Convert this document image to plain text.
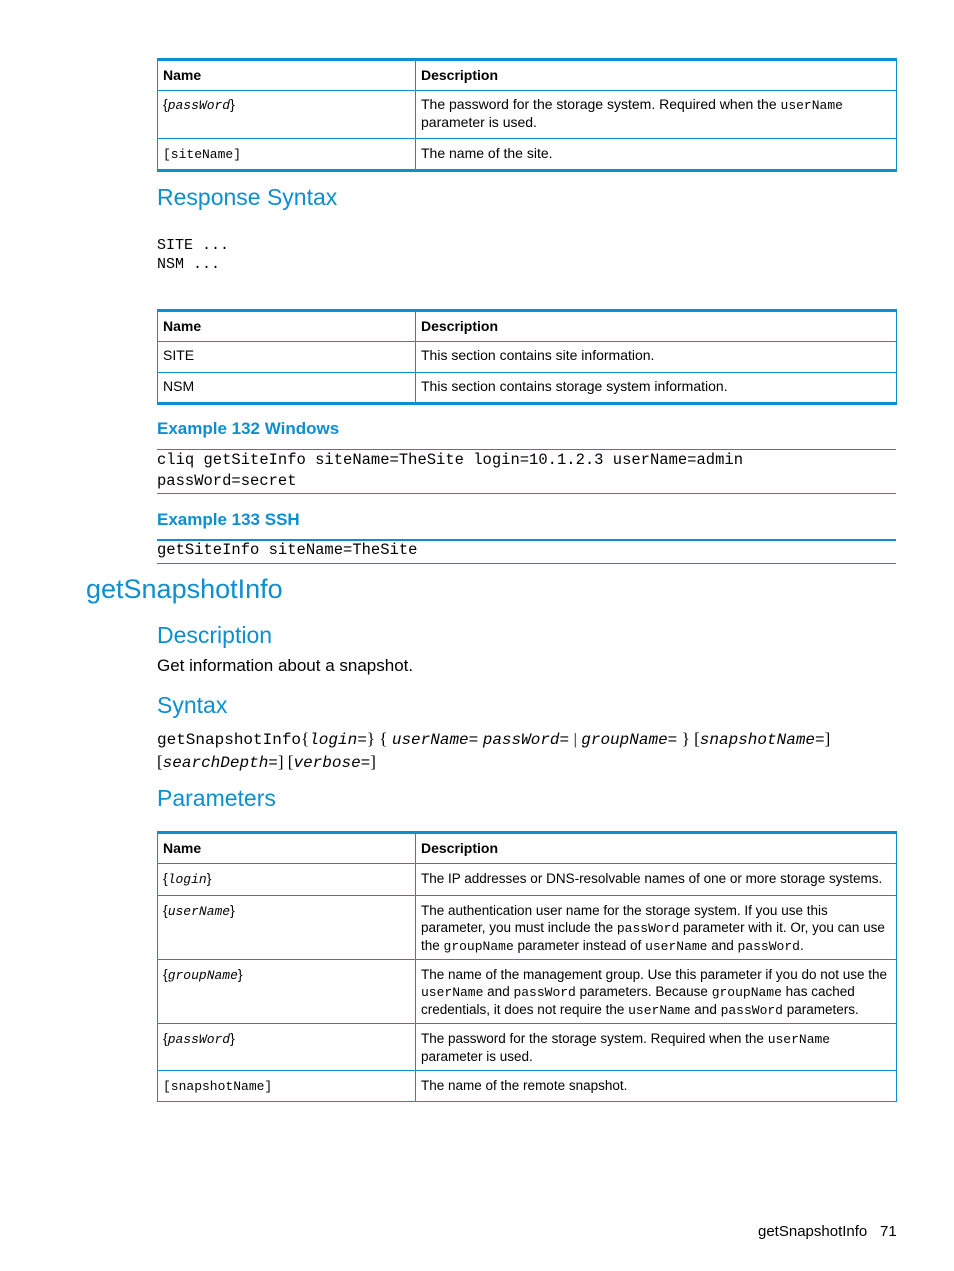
Name	Description
{passWord}	The password for the storage system. Required when the userName parameter is used.
[siteName]	The name of the site.
Response Syntax
SITE ...
NSM ...
Name	Description
SITE	This section contains site information.
NSM	This section contains storage system information.
Example 132 Windows
cliq getSiteInfo siteName=TheSite login=10.1.2.3 userName=admin
passWord=secret
Example 133 SSH
getSiteInfo siteName=TheSite
getSnapshotInfo
Description
Get information about a snapshot.
Syntax
getSnapshotInfo{login=} { userName= passWord= | groupName= } [snapshotName=]
[searchDepth=] [verbose=]
Parameters
Name	Description
{login}	The IP addresses or DNS-resolvable names of one or more storage systems.
{userName}	The authentication user name for the storage system. If you use this parameter, you must include the passWord parameter with it. Or, you can use the groupName parameter instead of userName and passWord.
{groupName}	The name of the management group. Use this parameter if you do not use the userName and passWord parameters. Because groupName has cached credentials, it does not require the userName and passWord parameters.
{passWord}	The password for the storage system. Required when the userName parameter is used.
[snapshotName]	The name of the remote snapshot.
getSnapshotInfo 71
